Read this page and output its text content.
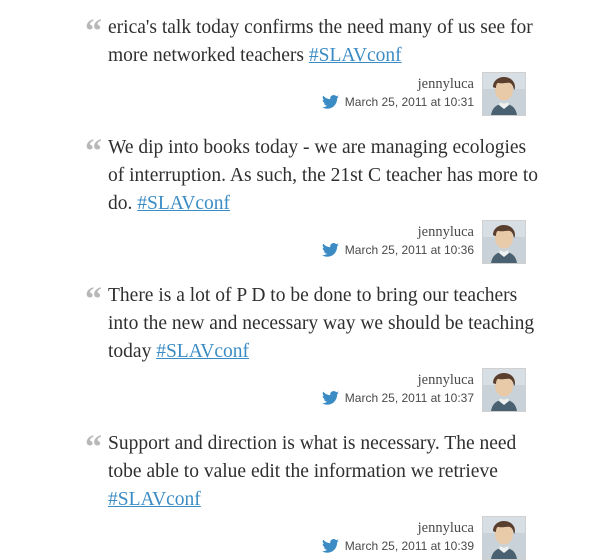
“ erica's talk today confirms the need many of us see for more networked teachers #SLAVconf

jennyluca
March 25, 2011 at 10:31
“ We dip into books today - we are managing ecologies of interruption. As such, the 21st C teacher has more to do. #SLAVconf

jennyluca
March 25, 2011 at 10:36
“ There is a lot of P D to be done to bring our teachers into the new and necessary way we should be teaching today #SLAVconf

jennyluca
March 25, 2011 at 10:37
“ Support and direction is what is necessary. The need tobe able to value edit the information we retrieve #SLAVconf

jennyluca
March 25, 2011 at 10:39
